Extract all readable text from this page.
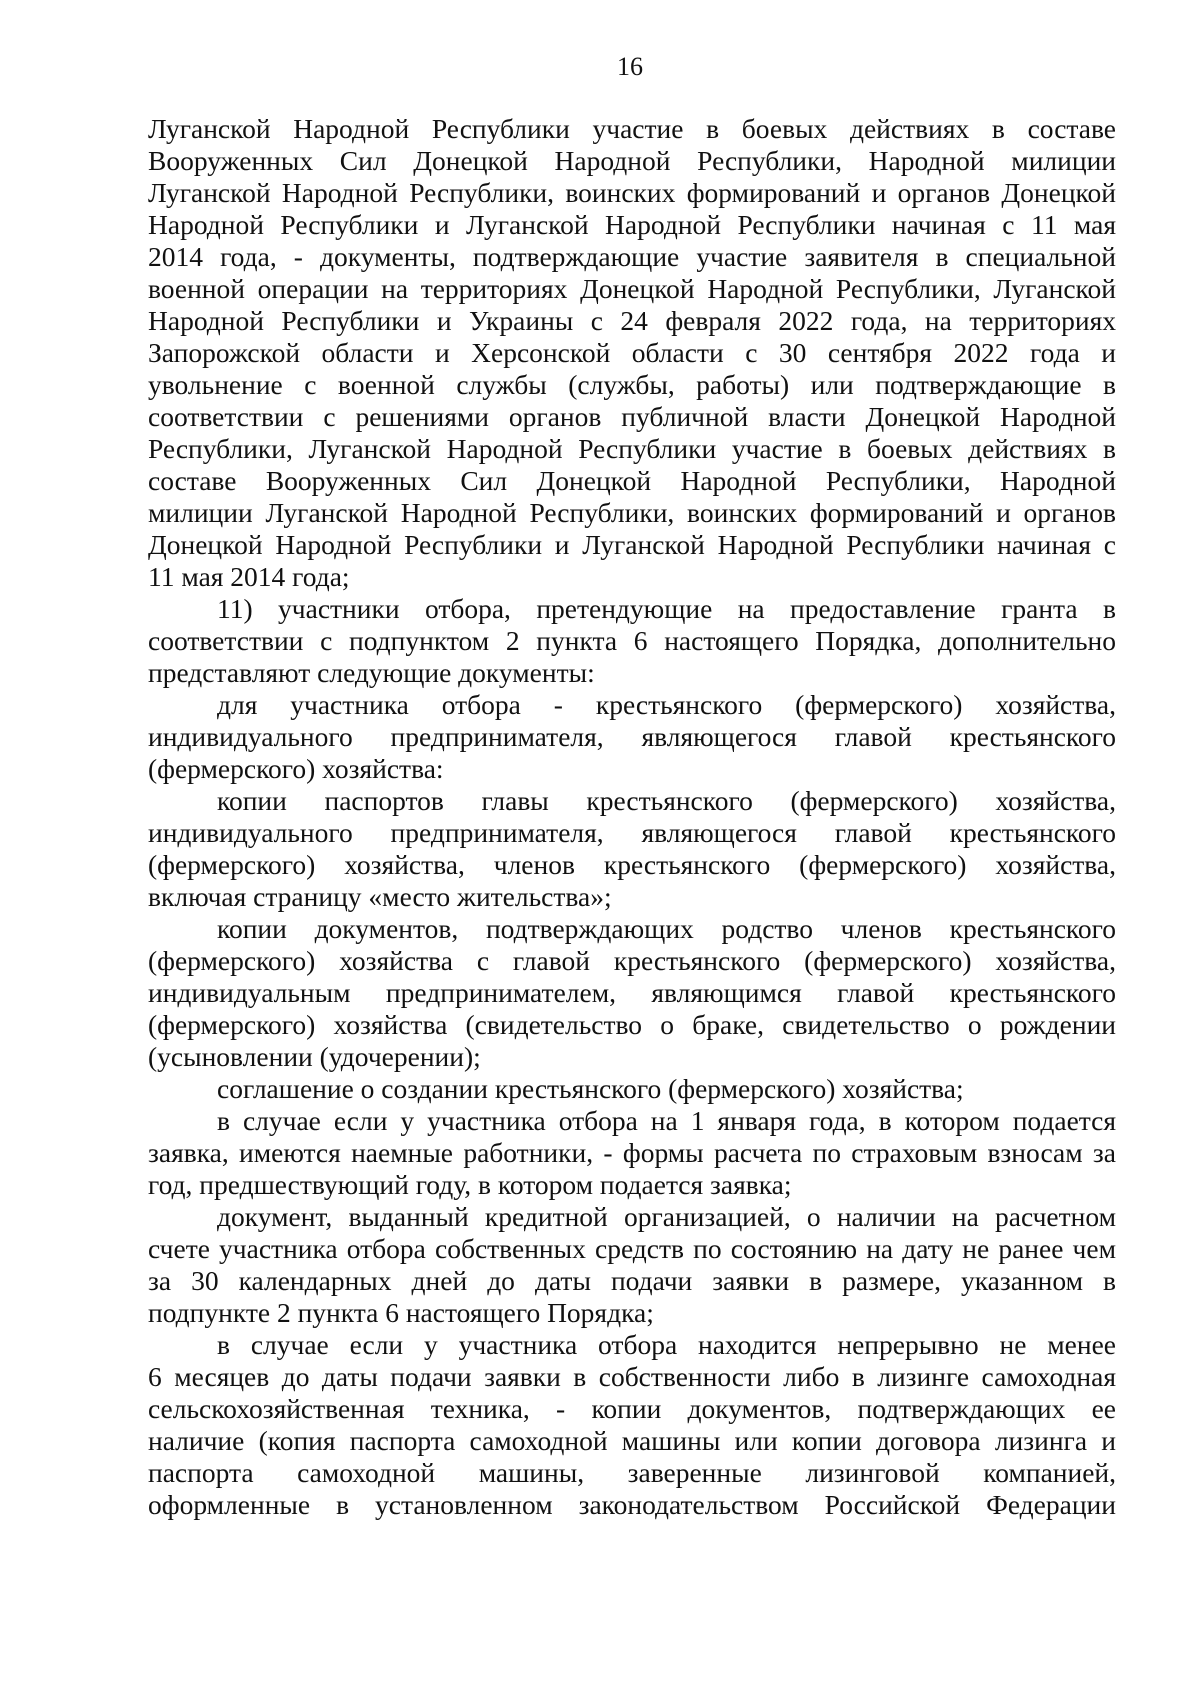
16
Луганской Народной Республики участие в боевых действиях в составе
Вооруженных Сил Донецкой Народной Республики, Народной милиции
Луганской Народной Республики, воинских формирований и органов Донецкой
Народной Республики и Луганской Народной Республики начиная с 11 мая
2014 года, - документы, подтверждающие участие заявителя в специальной
военной операции на территориях Донецкой Народной Республики, Луганской
Народной Республики и Украины с 24 февраля 2022 года, на территориях
Запорожской области и Херсонской области с 30 сентября 2022 года и
увольнение с военной службы (службы, работы) или подтверждающие в
соответствии с решениями органов публичной власти Донецкой Народной
Республики, Луганской Народной Республики участие в боевых действиях в
составе Вооруженных Сил Донецкой Народной Республики, Народной
милиции Луганской Народной Республики, воинских формирований и органов
Донецкой Народной Республики и Луганской Народной Республики начиная с
11 мая 2014 года;
11) участники отбора, претендующие на предоставление гранта в
соответствии с подпунктом 2 пункта 6 настоящего Порядка, дополнительно
представляют следующие документы:
для участника отбора - крестьянского (фермерского) хозяйства,
индивидуального предпринимателя, являющегося главой крестьянского
(фермерского) хозяйства:
копии паспортов главы крестьянского (фермерского) хозяйства,
индивидуального предпринимателя, являющегося главой крестьянского
(фермерского) хозяйства, членов крестьянского (фермерского) хозяйства,
включая страницу «место жительства»;
копии документов, подтверждающих родство членов крестьянского
(фермерского) хозяйства с главой крестьянского (фермерского) хозяйства,
индивидуальным предпринимателем, являющимся главой крестьянского
(фермерского) хозяйства (свидетельство о браке, свидетельство о рождении
(усыновлении (удочерении);
соглашение о создании крестьянского (фермерского) хозяйства;
в случае если у участника отбора на 1 января года, в котором подается
заявка, имеются наемные работники, - формы расчета по страховым взносам за
год, предшествующий году, в котором подается заявка;
документ, выданный кредитной организацией, о наличии на расчетном
счете участника отбора собственных средств по состоянию на дату не ранее чем
за 30 календарных дней до даты подачи заявки в размере, указанном в
подпункте 2 пункта 6 настоящего Порядка;
в случае если у участника отбора находится непрерывно не менее
6 месяцев до даты подачи заявки в собственности либо в лизинге самоходная
сельскохозяйственная техника, - копии документов, подтверждающих ее
наличие (копия паспорта самоходной машины или копии договора лизинга и
паспорта самоходной машины, заверенные лизинговой компанией,
оформленные в установленном законодательством Российской Федерации
